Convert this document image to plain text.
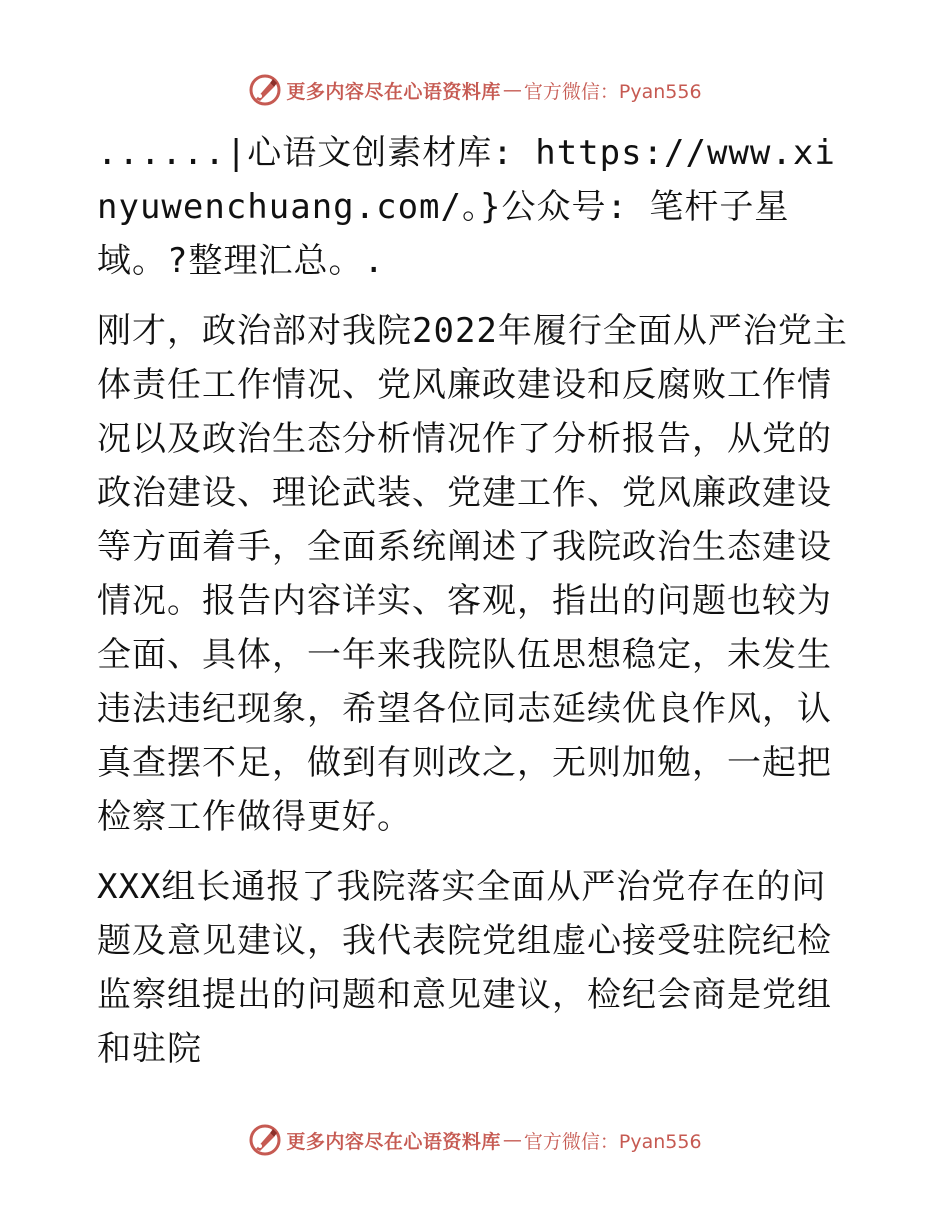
更多内容尽在心语资料库 — 官方微信：Pyan556

......|心语文创素材库: https://www.xinyuwenchuang.com/。}公众号: 笔杆子星域。?整理汇总。.

刚才，政治部对我院2022年履行全面从严治党主体责任工作情况、党风廉政建设和反腐败工作情况以及政治生态分析情况作了分析报告，从党的政治建设、理论武装、党建工作、党风廉政建设等方面着手，全面系统阐述了我院政治生态建设情况。报告内容详实、客观，指出的问题也较为全面、具体，一年来我院队伍思想稳定，未发生违法违纪现象，希望各位同志延续优良作风，认真查摆不足，做到有则改之，无则加勉，一起把检察工作做得更好。

XXX组长通报了我院落实全面从严治党存在的问题及意见建议，我代表院党组虚心接受驻院纪检监察组提出的问题和意见建议，检纪会商是党组和驻院

更多内容尽在心语资料库 — 官方微信：Pyan556
